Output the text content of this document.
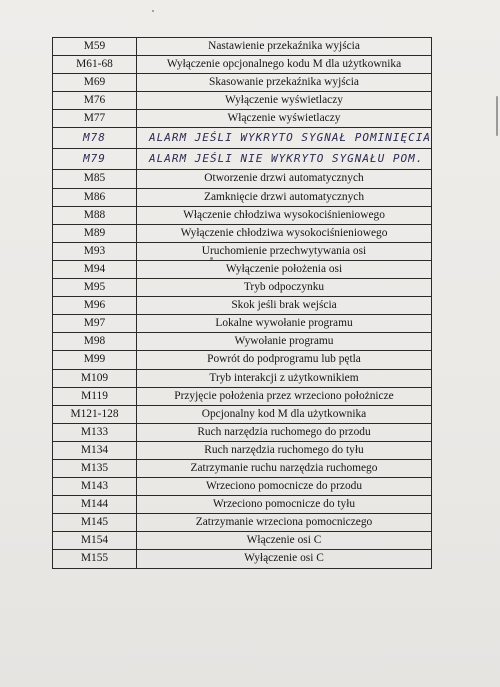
M59	Nastawienie przekaźnika wyjścia
M61-68	Wyłączenie opcjonalnego kodu M dla użytkownika
M69	Skasowanie przekaźnika wyjścia
M76	Wyłączenie wyświetlaczy
M77	Włączenie wyświetlaczy
M78	ALARM JEŚLI WYKRYTO SYGNAŁ POMINIĘCIA
M79	ALARM JEŚLI NIE WYKRYTO SYGNAŁU POM.
M85	Otworzenie drzwi automatycznych
M86	Zamknięcie drzwi automatycznych
M88	Włączenie chłodziwa wysokociśnieniowego
M89	Wyłączenie chłodziwa wysokociśnieniowego
M93	Uruchomienie przechwytywania osi
M94	Wyłączenie położenia osi
M95	Tryb odpoczynku
M96	Skok jeśli brak wejścia
M97	Lokalne wywołanie programu
M98	Wywołanie programu
M99	Powrót do podprogramu lub pętla
M109	Tryb interakcji z użytkownikiem
M119	Przyjęcie położenia przez wrzeciono położnicze
M121-128	Opcjonalny kod M dla użytkownika
M133	Ruch narzędzia ruchomego do przodu
M134	Ruch narzędzia ruchomego do tyłu
M135	Zatrzymanie ruchu narzędzia ruchomego
M143	Wrzeciono pomocnicze do przodu
M144	Wrzeciono pomocnicze do tyłu
M145	Zatrzymanie wrzeciona pomocniczego
M154	Włączenie osi C
M155	Wyłączenie osi C
